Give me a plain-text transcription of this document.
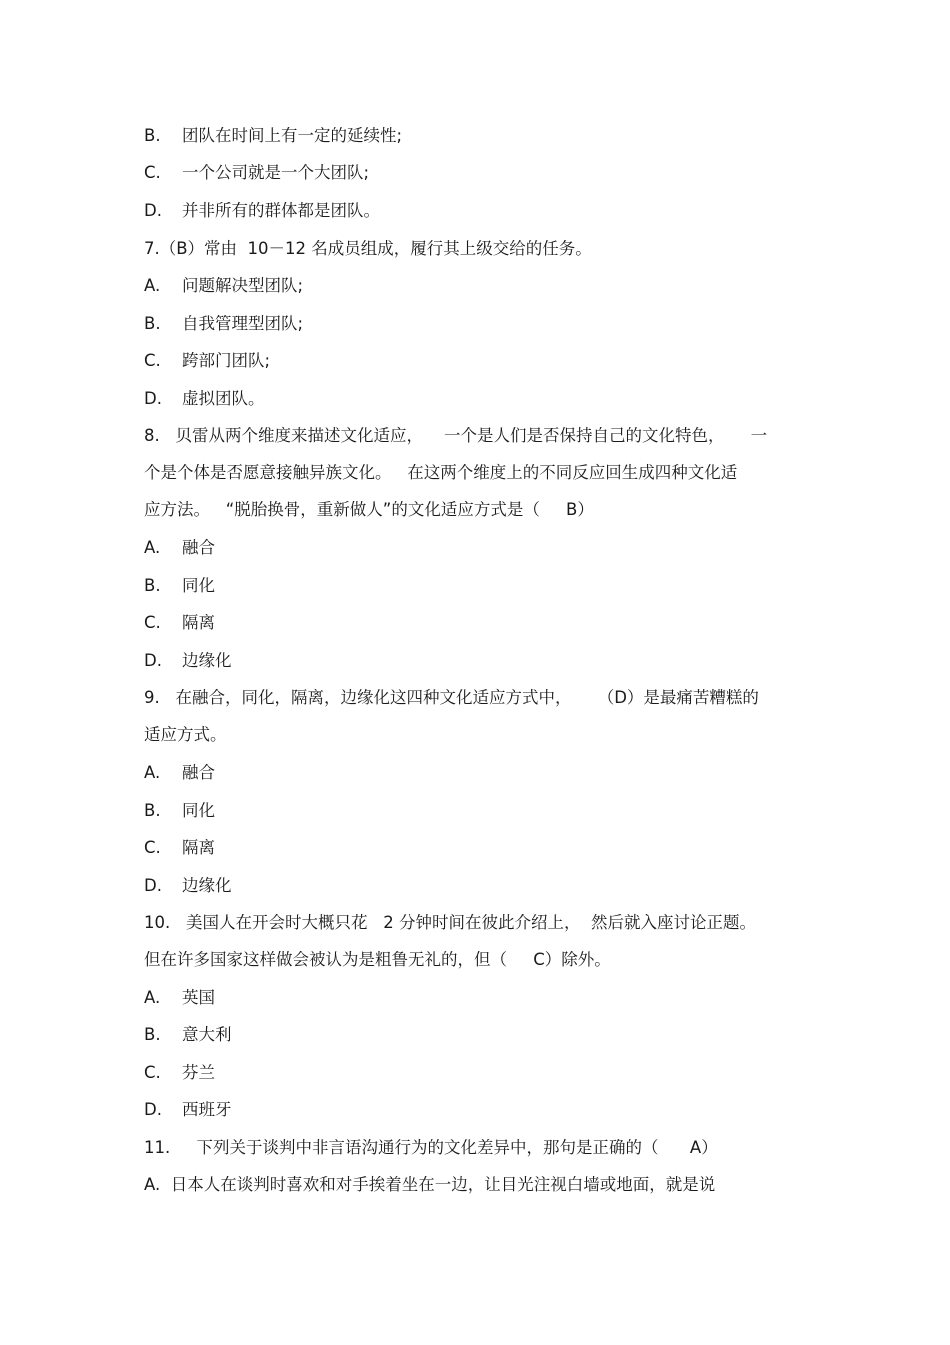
B. 团队在时间上有一定的延续性;
C. 一个公司就是一个大团队;
D. 并非所有的群体都是团队。
7.（B）常由  10－12 名成员组成，履行其上级交给的任务。
A. 问题解决型团队;
B. 自我管理型团队;
C. 跨部门团队;
D. 虚拟团队。
8.   贝雷从两个维度来描述文化适应，    一个是人们是否保持自己的文化特色，     一
个是个体是否愿意接触异族文化。   在这两个维度上的不同反应回生成四种文化适
应方法。   “脱胎换骨，重新做人”的文化适应方式是（     B）
A. 融合
B. 同化
C. 隔离
D. 边缘化
9.   在融合，同化，隔离，边缘化这四种文化适应方式中，     （D）是最痛苦糟糕的
适应方式。
A. 融合
B. 同化
C. 隔离
D. 边缘化
10.   美国人在开会时大概只花   2 分钟时间在彼此介绍上，  然后就入座讨论正题。
但在许多国家这样做会被认为是粗鲁无礼的，但（     C）除外。
A. 英国
B. 意大利
C. 芬兰
D. 西班牙
11.     下列关于谈判中非言语沟通行为的文化差异中，那句是正确的（      A）
A.  日本人在谈判时喜欢和对手挨着坐在一边，让目光注视白墙或地面，就是说
